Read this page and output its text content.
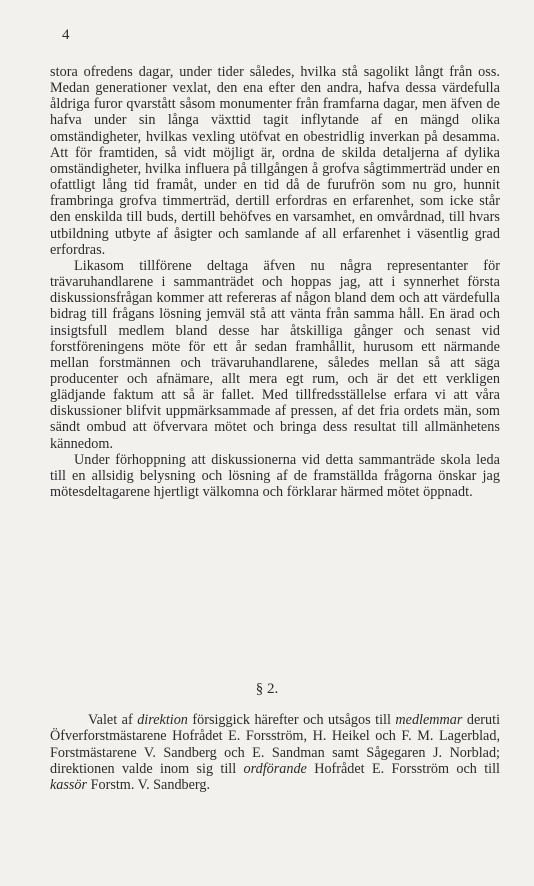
4

stora ofredens dagar, under tider således, hvilka stå sagolikt långt från oss. Medan generationer vexlat, den ena efter den andra, hafva dessa värdefulla åldriga furor qvarstått såsom monumenter från framfarna dagar, men äfven de hafva under sin långa växttid tagit inflytande af en mängd olika omständigheter, hvilkas vexling utöfvat en obestridlig inverkan på desamma. Att för framtiden, så vidt möjligt är, ordna de skilda detaljerna af dylika omständigheter, hvilka influera på tillgången å grofva sågtimmerträd under en ofattligt lång tid framåt, under en tid då de furufrön som nu gro, hunnit frambringa grofva timmerträd, dertill erfordras en erfarenhet, som icke står den enskilda till buds, dertill behöfves en varsamhet, en omvårdnad, till hvars utbildning utbyte af åsigter och samlande af all erfarenhet i väsentlig grad erfordras.

Likasom tillförene deltaga äfven nu några representanter för trävaruhandlarene i sammanträdet och hoppas jag, att i synnerhet första diskussionsfrågan kommer att refereras af någon bland dem och att värdefulla bidrag till frågans lösning jemväl stå att vänta från samma håll. En ärad och insigtsfull medlem bland desse har åtskilliga gånger och senast vid forstföreningens möte för ett år sedan framhållit, hurusom ett närmande mellan forstmännen och trävaruhandlarene, således mellan så att säga producenter och afnämare, allt mera egt rum, och är det ett verkligen glädjande faktum att så är fallet. Med tillfredsställelse erfara vi att våra diskussioner blifvit uppmärksammade af pressen, af det fria ordets män, som sändt ombud att öfvervara mötet och bringa dess resultat till allmänhetens kännedom.

Under förhoppning att diskussionerna vid detta sammanträde skola leda till en allsidig belysning och lösning af de framställda frågorna önskar jag mötesdeltagarene hjertligt välkomna och förklarar härmed mötet öppnadt.

§ 2.

Valet af direktion försiggick härefter och utsågos till medlemmar deruti Öfverforstmästarene Hofrådet E. Forsström, H. Heikel och F. M. Lagerblad, Forstmästarene V. Sandberg och E. Sandman samt Sågegaren J. Norblad; direktionen valde inom sig till ordförande Hofrådet E. Forsström och till kassör Forstm. V. Sandberg.
